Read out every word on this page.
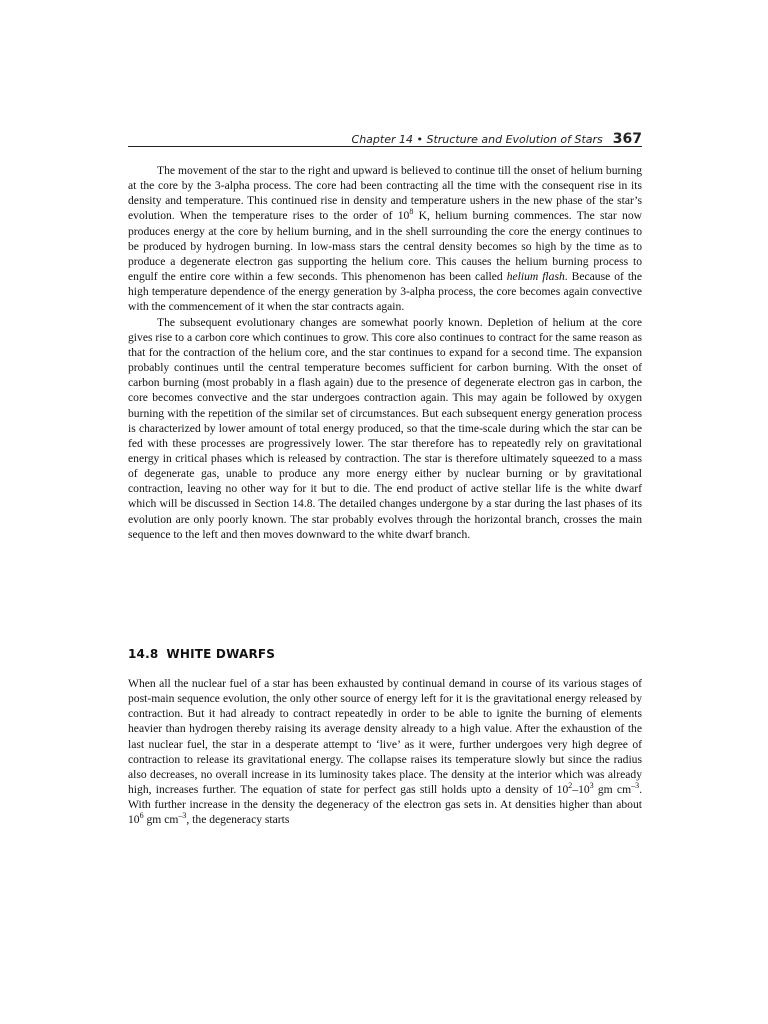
Chapter 14 • Structure and Evolution of Stars 367

The movement of the star to the right and upward is believed to continue till the onset of helium burning at the core by the 3-alpha process. The core had been contracting all the time with the consequent rise in its density and temperature. This continued rise in density and temperature ushers in the new phase of the star’s evolution. When the temperature rises to the order of $10^8$ K, helium burning commences. The star now produces energy at the core by helium burning, and in the shell surrounding the core the energy continues to be produced by hydrogen burning. In low-mass stars the central density becomes so high by the time as to produce a degenerate electron gas supporting the helium core. This causes the helium burning process to engulf the entire core within a few seconds. This phenomenon has been called helium flash. Because of the high temperature dependence of the energy generation by 3-alpha process, the core becomes again convective with the commencement of it when the star contracts again.

The subsequent evolutionary changes are somewhat poorly known. Depletion of helium at the core gives rise to a carbon core which continues to grow. This core also continues to contract for the same reason as that for the contraction of the helium core, and the star continues to expand for a second time. The expansion probably continues until the central temperature becomes sufficient for carbon burning. With the onset of carbon burning (most probably in a flash again) due to the presence of degenerate electron gas in carbon, the core becomes convective and the star undergoes contraction again. This may again be followed by oxygen burning with the repetition of the similar set of circumstances. But each subsequent energy generation process is characterized by lower amount of total energy produced, so that the time-scale during which the star can be fed with these processes are progressively lower. The star therefore has to repeatedly rely on gravitational energy in critical phases which is released by contraction. The star is therefore ultimately squeezed to a mass of degenerate gas, unable to produce any more energy either by nuclear burning or by gravitational contraction, leaving no other way for it but to die. The end product of active stellar life is the white dwarf which will be discussed in Section 14.8. The detailed changes undergone by a star during the last phases of its evolution are only poorly known. The star probably evolves through the horizontal branch, crosses the main sequence to the left and then moves downward to the white dwarf branch.

14.8 WHITE DWARFS

When all the nuclear fuel of a star has been exhausted by continual demand in course of its various stages of post-main sequence evolution, the only other source of energy left for it is the gravitational energy released by contraction. But it had already to contract repeatedly in order to be able to ignite the burning of elements heavier than hydrogen thereby raising its average density already to a high value. After the exhaustion of the last nuclear fuel, the star in a desperate attempt to ‘live’ as it were, further undergoes very high degree of contraction to release its gravitational energy. The collapse raises its temperature slowly but since the radius also decreases, no overall increase in its luminosity takes place. The density at the interior which was already high, increases further. The equation of state for perfect gas still holds upto a density of $10^2-10^3$ gm $cm^{-3}$. With further increase in the density the degeneracy of the electron gas sets in. At densities higher than about $10^6$ gm $cm^{-3}$, the degeneracy starts
